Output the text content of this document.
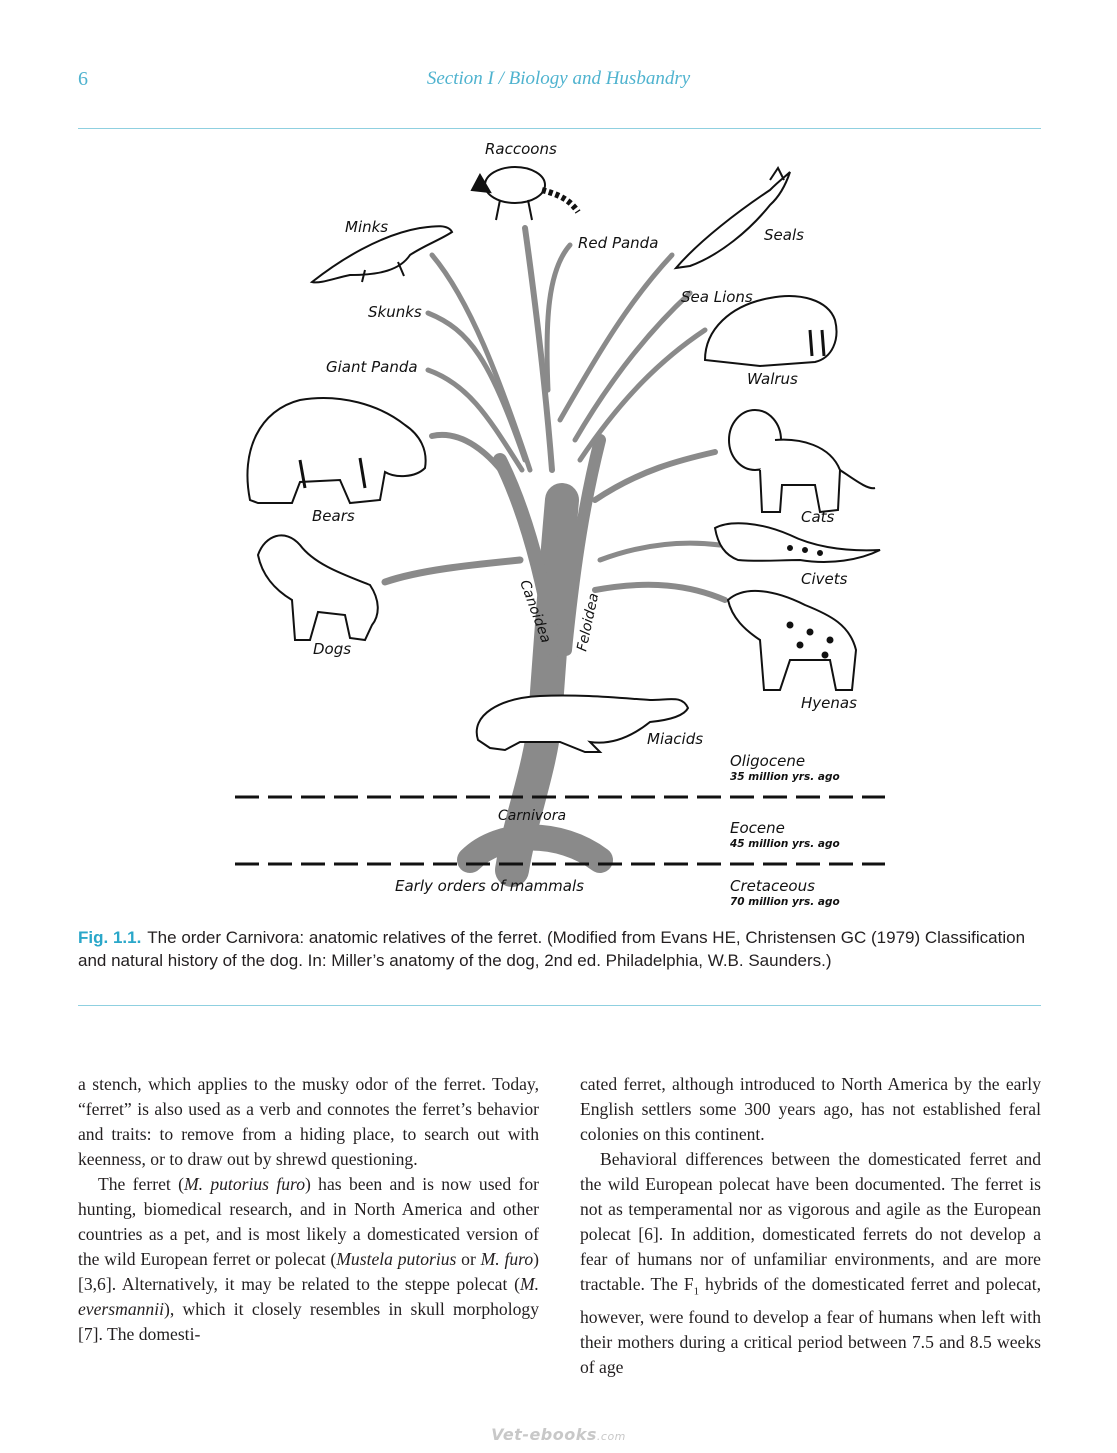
6	Section I / Biology and Husbandry
Raccoons
Red Panda
Minks	Seals
Skunks
Sea Lions
Giant Panda
Walrus
Bears	Cats
Civets
Dogs
Hyenas
Miacids
Canoidea Feloidea
Carnivora
Early orders of mammals
Oligocene
35 million yrs. ago
Eocene
45 million yrs. ago
Cretaceous
70 million yrs. ago
Fig. 1.1. The order Carnivora: anatomic relatives of the ferret. (Modified from Evans HE, Christensen GC (1979) Classification and natural history of the dog. In: Miller’s anatomy of the dog, 2nd ed. Philadelphia, W.B. Saunders.)

a stench, which applies to the musky odor of the ferret. Today, “ferret” is also used as a verb and connotes the ferret’s behavior and traits: to remove from a hiding place, to search out with keenness, or to draw out by shrewd questioning.

The ferret (M. putorius furo) has been and is now used for hunting, biomedical research, and in North America and other countries as a pet, and is most likely a domesticated version of the wild European ferret or polecat (Mustela putorius or M. furo) [3,6]. Alternatively, it may be related to the steppe polecat (M. eversmannii), which it closely resembles in skull morphology [7]. The domesti-

cated ferret, although introduced to North America by the early English settlers some 300 years ago, has not established feral colonies on this continent.

Behavioral differences between the domesticated ferret and the wild European polecat have been documented. The ferret is not as temperamental nor as vigorous and agile as the European polecat [6]. In addition, domesticated ferrets do not develop a fear of humans nor of unfamiliar environments, and are more tractable. The $F_1$ hybrids of the domesticated ferret and polecat, however, were found to develop a fear of humans when left with their mothers during a critical period between 7.5 and 8.5 weeks of age

Vet-ebooks.com
